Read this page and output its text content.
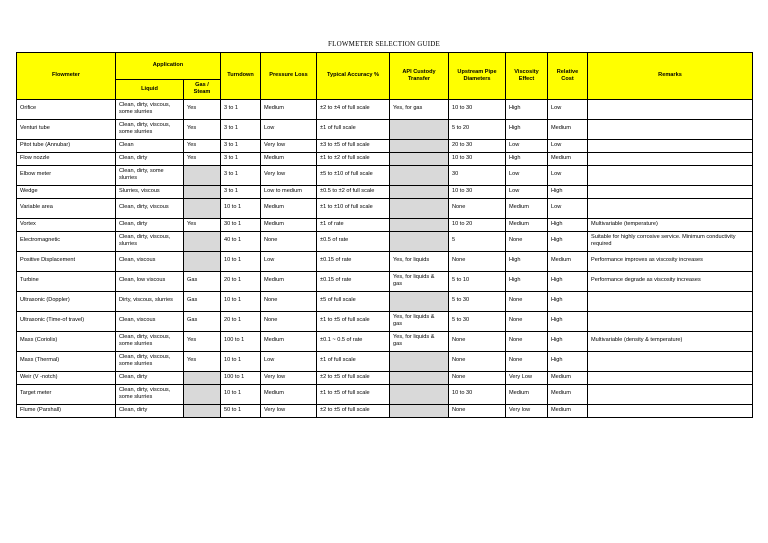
FLOWMETER SELECTION GUIDE
Flowmeter	Application		Turndown	Pressure Loss	Typical Accuracy %	API Custody Transfer	Upstream Pipe Diameters	Viscosity Effect	Relative Cost	Remarks
	Liquid	Gas / Steam								
Orifice	Clean, dirty, viscous, some slurries	Yes	3 to 1	Medium	±2 to ±4 of full scale	Yes, for gas	10 to 30	High	Low	
Venturi tube	Clean, dirty, viscous, some slurries	Yes	3 to 1	Low	±1 of full scale		5 to 20	High	Medium	
Pitot tube (Annubar)	Clean	Yes	3 to 1	Very low	±3 to ±5 of full scale		20 to 30	Low	Low	
Flow nozzle	Clean, dirty	Yes	3 to 1	Medium	±1 to ±2 of full scale		10 to 30	High	Medium	
Elbow meter	Clean, dirty, some slurries		3 to 1	Very low	±5 to ±10 of full scale		30	Low	Low	
Wedge	Slurries, viscous		3 to 1	Low to medium	±0.5 to ±2 of full scale		10 to 30	Low	High	
Variable area	Clean, dirty, viscous		10 to 1	Medium	±1 to ±10 of full scale		None	Medium	Low	
Vortex	Clean, dirty	Yes	30 to 1	Medium	±1 of rate		10 to 20	Medium	High	Multivariable (temperature)
Electromagnetic	Clean, dirty, viscous, slurries		40 to 1	None	±0.5 of rate		5	None	High	Suitable for highly corrosive service. Minimum conductivity required
Positive Displacement	Clean, viscous		10 to 1	Low	±0.15 of rate	Yes, for liquids	None	High	Medium	Performance improves as viscosity increases
Turbine	Clean, low viscous	Gas	20 to 1	Medium	±0.15 of rate	Yes, for liquids & gas	5 to 10	High	High	Performance degrade as viscosity increases
Ultrasonic (Doppler)	Dirty, viscous, slurries	Gas	10 to 1	None	±5 of full scale		5 to 30	None	High	
Ultrasonic (Time-of travel)	Clean, viscous	Gas	20 to 1	None	±1 to ±5 of full scale	Yes, for liquids & gas	5 to 30	None	High	
Mass (Coriolis)	Clean, dirty, viscous, some slurries	Yes	100 to 1	Medium	±0.1 ~ 0.5 of rate	Yes, for liquids & gas	None	None	High	Multivariable (density & temperature)
Mass (Thermal)	Clean, dirty, viscous, some slurries	Yes	10 to 1	Low	±1 of full scale		None	None	High	
Weir (V -notch)	Clean, dirty		100 to 1	Very low	±2 to ±5 of full scale		None	Very Low	Medium	
Target meter	Clean, dirty, viscous, some slurries		10 to 1	Medium	±1 to ±5 of full scale		10 to 30	Medium	Medium	
Flume (Parshall)	Clean, dirty		50 to 1	Very low	±2 to ±5 of full scale		None	Very low	Medium	
